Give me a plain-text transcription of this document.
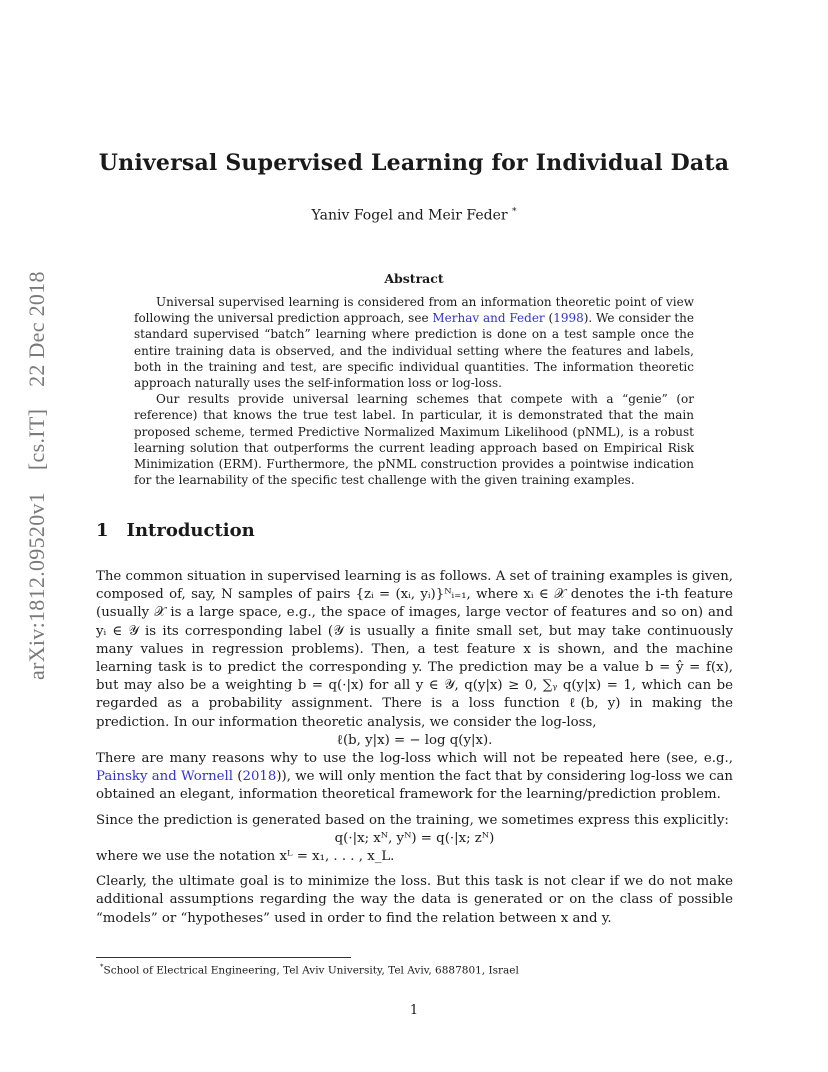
arXiv:1812.09520v1 [cs.IT] 22 Dec 2018
Universal Supervised Learning for Individual Data
Yaniv Fogel and Meir Feder *
Abstract

Universal supervised learning is considered from an information theoretic point of view following the universal prediction approach, see Merhav and Feder (1998). We consider the standard supervised “batch” learning where prediction is done on a test sample once the entire training data is observed, and the individual setting where the features and labels, both in the training and test, are specific individual quantities. The information theoretic approach naturally uses the self-information loss or log-loss.

Our results provide universal learning schemes that compete with a “genie” (or reference) that knows the true test label. In particular, it is demonstrated that the main proposed scheme, termed Predictive Normalized Maximum Likelihood (pNML), is a robust learning solution that outperforms the current leading approach based on Empirical Risk Minimization (ERM). Furthermore, the pNML construction provides a pointwise indication for the learnability of the specific test challenge with the given training examples.

1 Introduction

The common situation in supervised learning is as follows. A set of training examples is given, composed of, say, N samples of pairs {zᵢ = (xᵢ, yᵢ)}ᴺᵢ₌₁, where xᵢ ∈ 𝒳 denotes the i-th feature (usually 𝒳 is a large space, e.g., the space of images, large vector of features and so on) and yᵢ ∈ 𝒴 is its corresponding label (𝒴 is usually a finite small set, but may take continuously many values in regression problems). Then, a test feature x is shown, and the machine learning task is to predict the corresponding y. The prediction may be a value b = ŷ = f(x), but may also be a weighting b = q(·|x) for all y ∈ 𝒴, q(y|x) ≥ 0, ∑ᵧ q(y|x) = 1, which can be regarded as a probability assignment. There is a loss function ℓ(b, y) in making the prediction. In our information theoretic analysis, we consider the log-loss,

ℓ(b, y|x) = − log q(y|x).

There are many reasons why to use the log-loss which will not be repeated here (see, e.g., Painsky and Wornell (2018)), we will only mention the fact that by considering log-loss we can obtained an elegant, information theoretical framework for the learning/prediction problem.

Since the prediction is generated based on the training, we sometimes express this explicitly:

q(·|x; xᴺ, yᴺ) = q(·|x; zᴺ)

where we use the notation xᴸ = x₁, . . . , x_L.

Clearly, the ultimate goal is to minimize the loss. But this task is not clear if we do not make additional assumptions regarding the way the data is generated or on the class of possible “models” or “hypotheses” used in order to find the relation between x and y.

*School of Electrical Engineering, Tel Aviv University, Tel Aviv, 6887801, Israel
1
